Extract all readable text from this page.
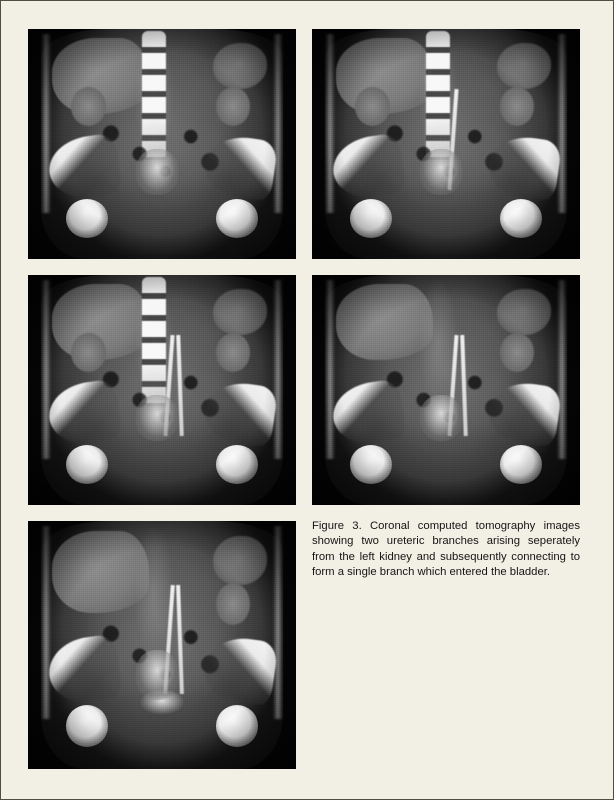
Figure 3. Coronal computed tomography images showing two ureteric branches arising seperately from the left kidney and subsequently connecting to form a single branch which entered the bladder.
